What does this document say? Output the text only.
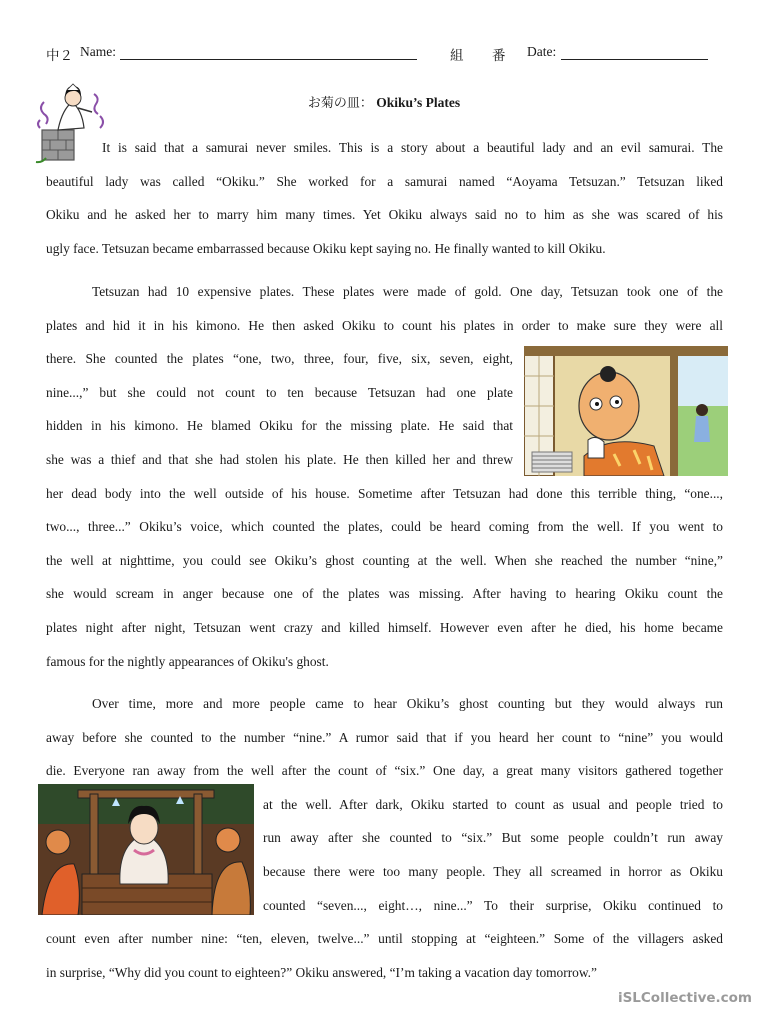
中２ Name:	組 番 Date:
お菊の皿： Okiku’s Plates
It is said that a samurai never smiles. This is a story about a beautiful lady and an evil samurai. The
beautiful lady was called “Okiku.” She worked for a samurai named “Aoyama Tetsuzan.” Tetsuzan liked
Okiku and he asked her to marry him many times. Yet Okiku always said no to him as she was scared of his
ugly face. Tetsuzan became embarrassed because Okiku kept saying no. He finally wanted to kill Okiku.
Tetsuzan had 10 expensive plates. These plates were made of gold. One day, Tetsuzan took one of the
plates and hid it in his kimono. He then asked Okiku to count his plates in order to make sure they were all
there. She counted the plates “one, two, three, four, five, six, seven, eight,
nine...,” but she could not count to ten because Tetsuzan had one plate
hidden in his kimono. He blamed Okiku for the missing plate. He said that
she was a thief and that she had stolen his plate. He then killed her and threw
her dead body into the well outside of his house. Sometime after Tetsuzan had done this terrible thing, “one...,
two..., three...” Okiku’s voice, which counted the plates, could be heard coming from the well. If you went to
the well at nighttime, you could see Okiku’s ghost counting at the well. When she reached the number “nine,”
she would scream in anger because one of the plates was missing. After having to hearing Okiku count the
plates night after night, Tetsuzan went crazy and killed himself. However even after he died, his home became
famous for the nightly appearances of Okiku's ghost.
Over time, more and more people came to hear Okiku’s ghost counting but they would always run
away before she counted to the number “nine.” A rumor said that if you heard her count to “nine” you would
die. Everyone ran away from the well after the count of “six.” One day, a great many visitors gathered together
at the well. After dark, Okiku started to count as usual and people tried to
run away after she counted to “six.” But some people couldn’t run away
because there were too many people. They all screamed in horror as Okiku
counted “seven..., eight…, nine...” To their surprise, Okiku continued to
count even after number nine: “ten, eleven, twelve...” until stopping at “eighteen.” Some of the villagers asked
in surprise, “Why did you count to eighteen?” Okiku answered, “I’m taking a vacation day tomorrow.”
iSLCollective.com
